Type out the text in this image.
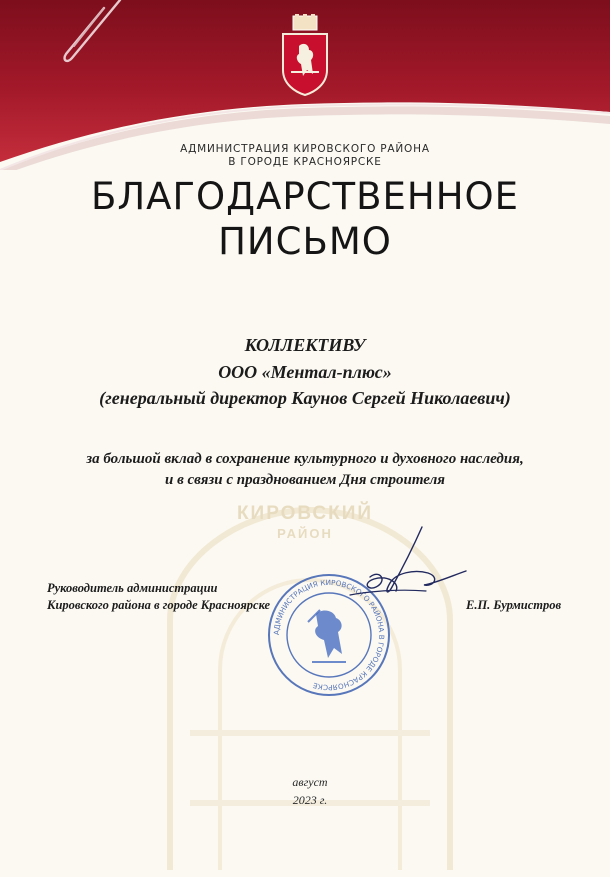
КИРОВСКИЙ
РАЙОН
АДМИНИСТРАЦИЯ КИРОВСКОГО РАЙОНА
В ГОРОДЕ КРАСНОЯРСКЕ
БЛАГОДАРСТВЕННОЕ
ПИСЬМО
КОЛЛЕКТИВУ
ООО «Ментал-плюс»
(генеральный директор Каунов Сергей Николаевич)
за большой вклад в сохранение культурного и духовного наследия,
и в связи с празднованием Дня строителя
АДМИНИСТРАЦИЯ КИРОВСКОГО РАЙОНА В ГОРОДЕ КРАСНОЯРСКЕ
Руководитель администрации
Кировского района в городе Красноярске	Е.П. Бурмистров
август
2023 г.
